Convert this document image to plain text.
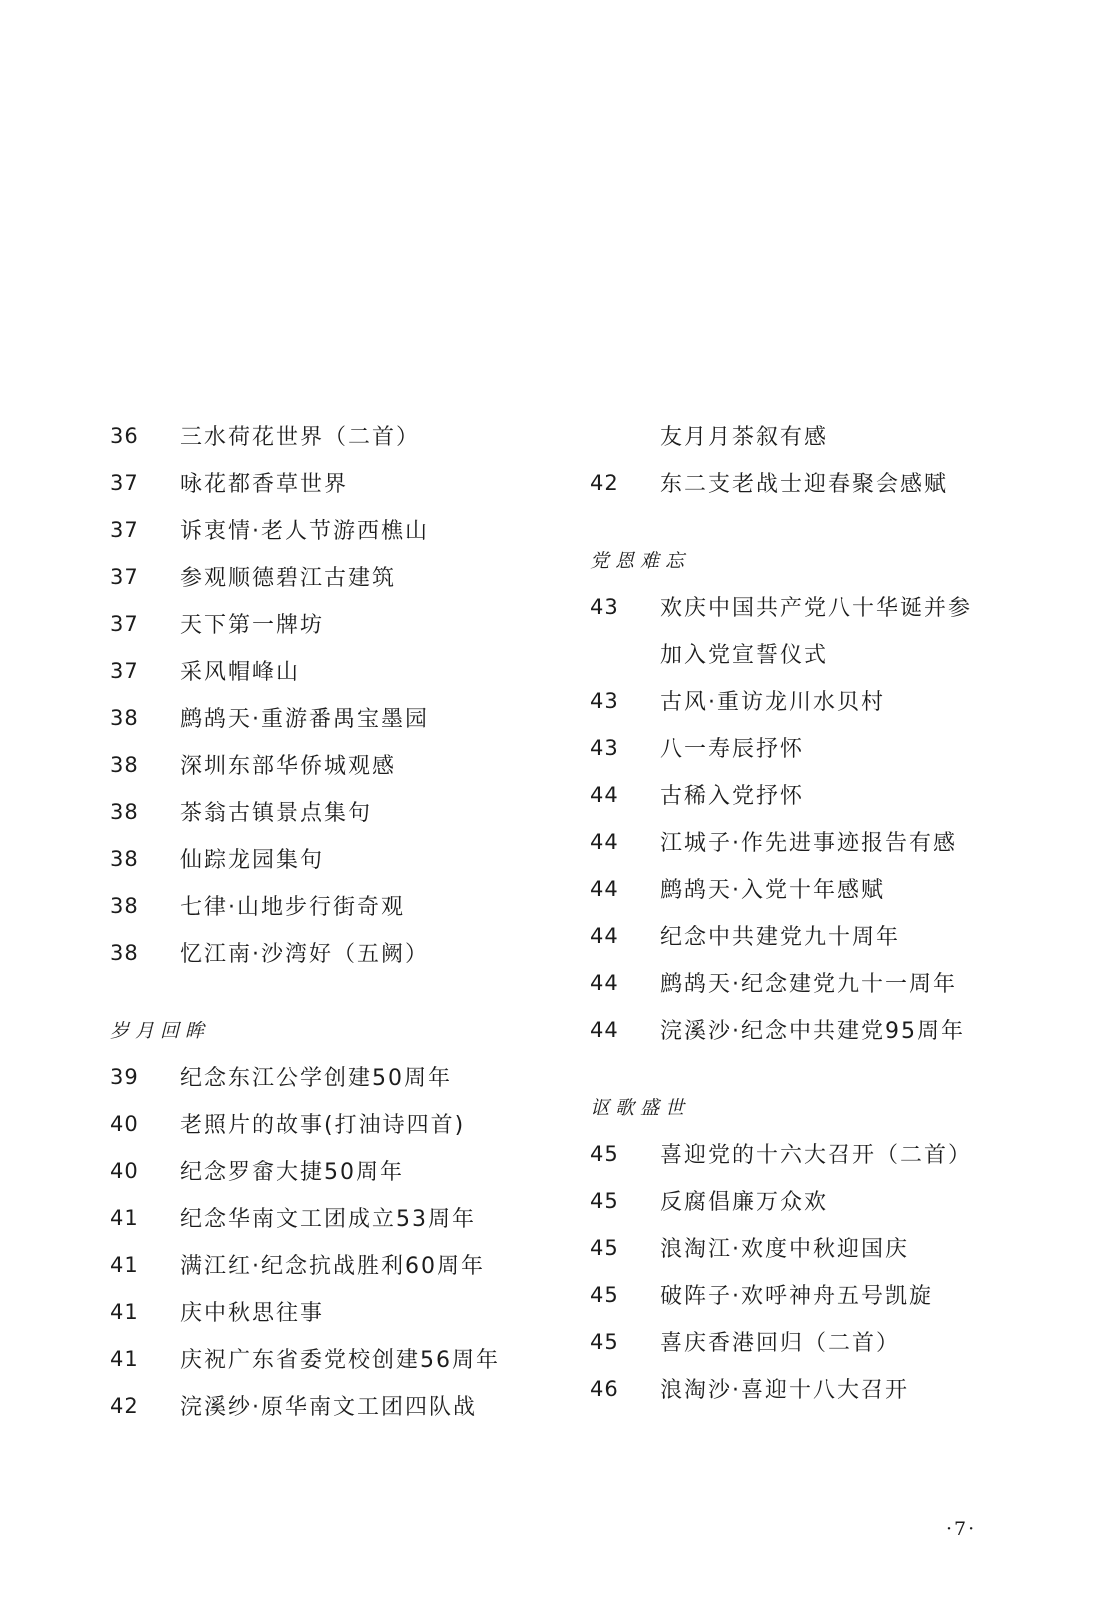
36	三水荷花世界（二首）
37	咏花都香草世界
37	诉衷情·老人节游西樵山
37	参观顺德碧江古建筑
37	天下第一牌坊
37	采风帽峰山
38	鹧鸪天·重游番禺宝墨园
38	深圳东部华侨城观感
38	茶翁古镇景点集句
38	仙踪龙园集句
38	七律·山地步行街奇观
38	忆江南·沙湾好（五阙）
岁月回眸
39	纪念东江公学创建50周年
40	老照片的故事(打油诗四首)
40	纪念罗畲大捷50周年
41	纪念华南文工团成立53周年
41	满江红·纪念抗战胜利60周年
41	庆中秋思往事
41	庆祝广东省委党校创建56周年
42	浣溪纱·原华南文工团四队战
友月月茶叙有感
42	东二支老战士迎春聚会感赋
党恩难忘
43	欢庆中国共产党八十华诞并参
加入党宣誓仪式
43	古风·重访龙川水贝村
43	八一寿辰抒怀
44	古稀入党抒怀
44	江城子·作先进事迹报告有感
44	鹧鸪天·入党十年感赋
44	纪念中共建党九十周年
44	鹧鸪天·纪念建党九十一周年
44	浣溪沙·纪念中共建党95周年
讴歌盛世
45	喜迎党的十六大召开（二首）
45	反腐倡廉万众欢
45	浪淘江·欢度中秋迎国庆
45	破阵子·欢呼神舟五号凯旋
45	喜庆香港回归（二首）
46	浪淘沙·喜迎十八大召开
·7·
